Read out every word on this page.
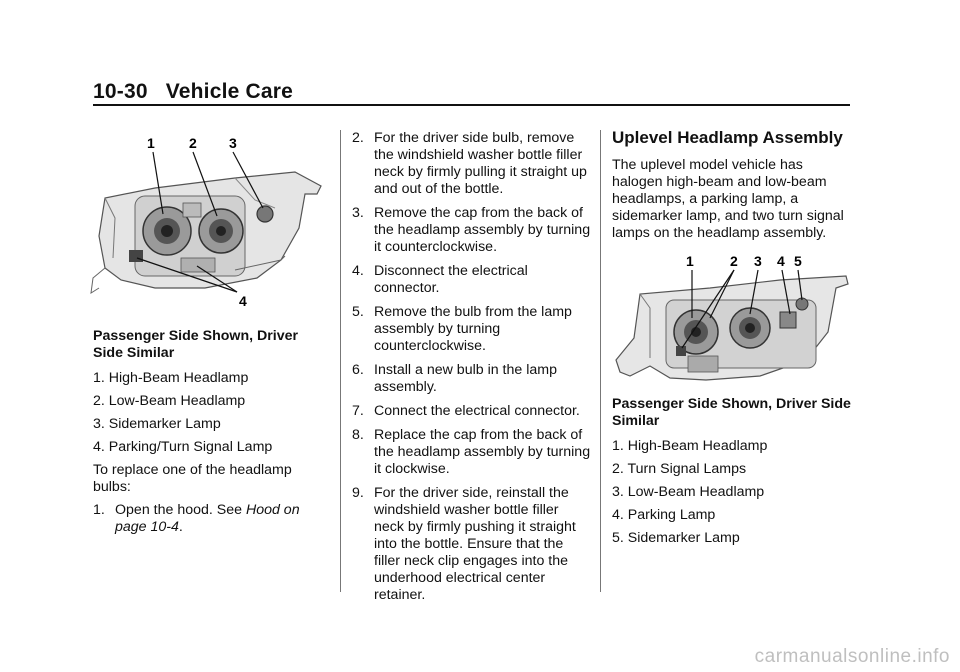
10-30 Vehicle Care
1 2 3
4
Passenger Side Shown, Driver Side Similar
1. High-Beam Headlamp
2. Low-Beam Headlamp
3. Sidemarker Lamp
4. Parking/Turn Signal Lamp
To replace one of the headlamp bulbs:
1. Open the hood. See Hood on page 10-4.
2. For the driver side bulb, remove the windshield washer bottle filler neck by firmly pulling it straight up and out of the bottle.
3. Remove the cap from the back of the headlamp assembly by turning it counterclockwise.
4. Disconnect the electrical connector.
5. Remove the bulb from the lamp assembly by turning counterclockwise.
6. Install a new bulb in the lamp assembly.
7. Connect the electrical connector.
8. Replace the cap from the back of the headlamp assembly by turning it clockwise.
9. For the driver side, reinstall the windshield washer bottle filler neck by firmly pushing it straight into the bottle. Ensure that the filler neck clip engages into the underhood electrical center retainer.
Uplevel Headlamp Assembly
The uplevel model vehicle has halogen high-beam and low-beam headlamps, a parking lamp, a sidemarker lamp, and two turn signal lamps on the headlamp assembly.
1	2 3 4 5
Passenger Side Shown, Driver Side Similar
1. High-Beam Headlamp
2. Turn Signal Lamps
3. Low-Beam Headlamp
4. Parking Lamp
5. Sidemarker Lamp
carmanualsonline.info
